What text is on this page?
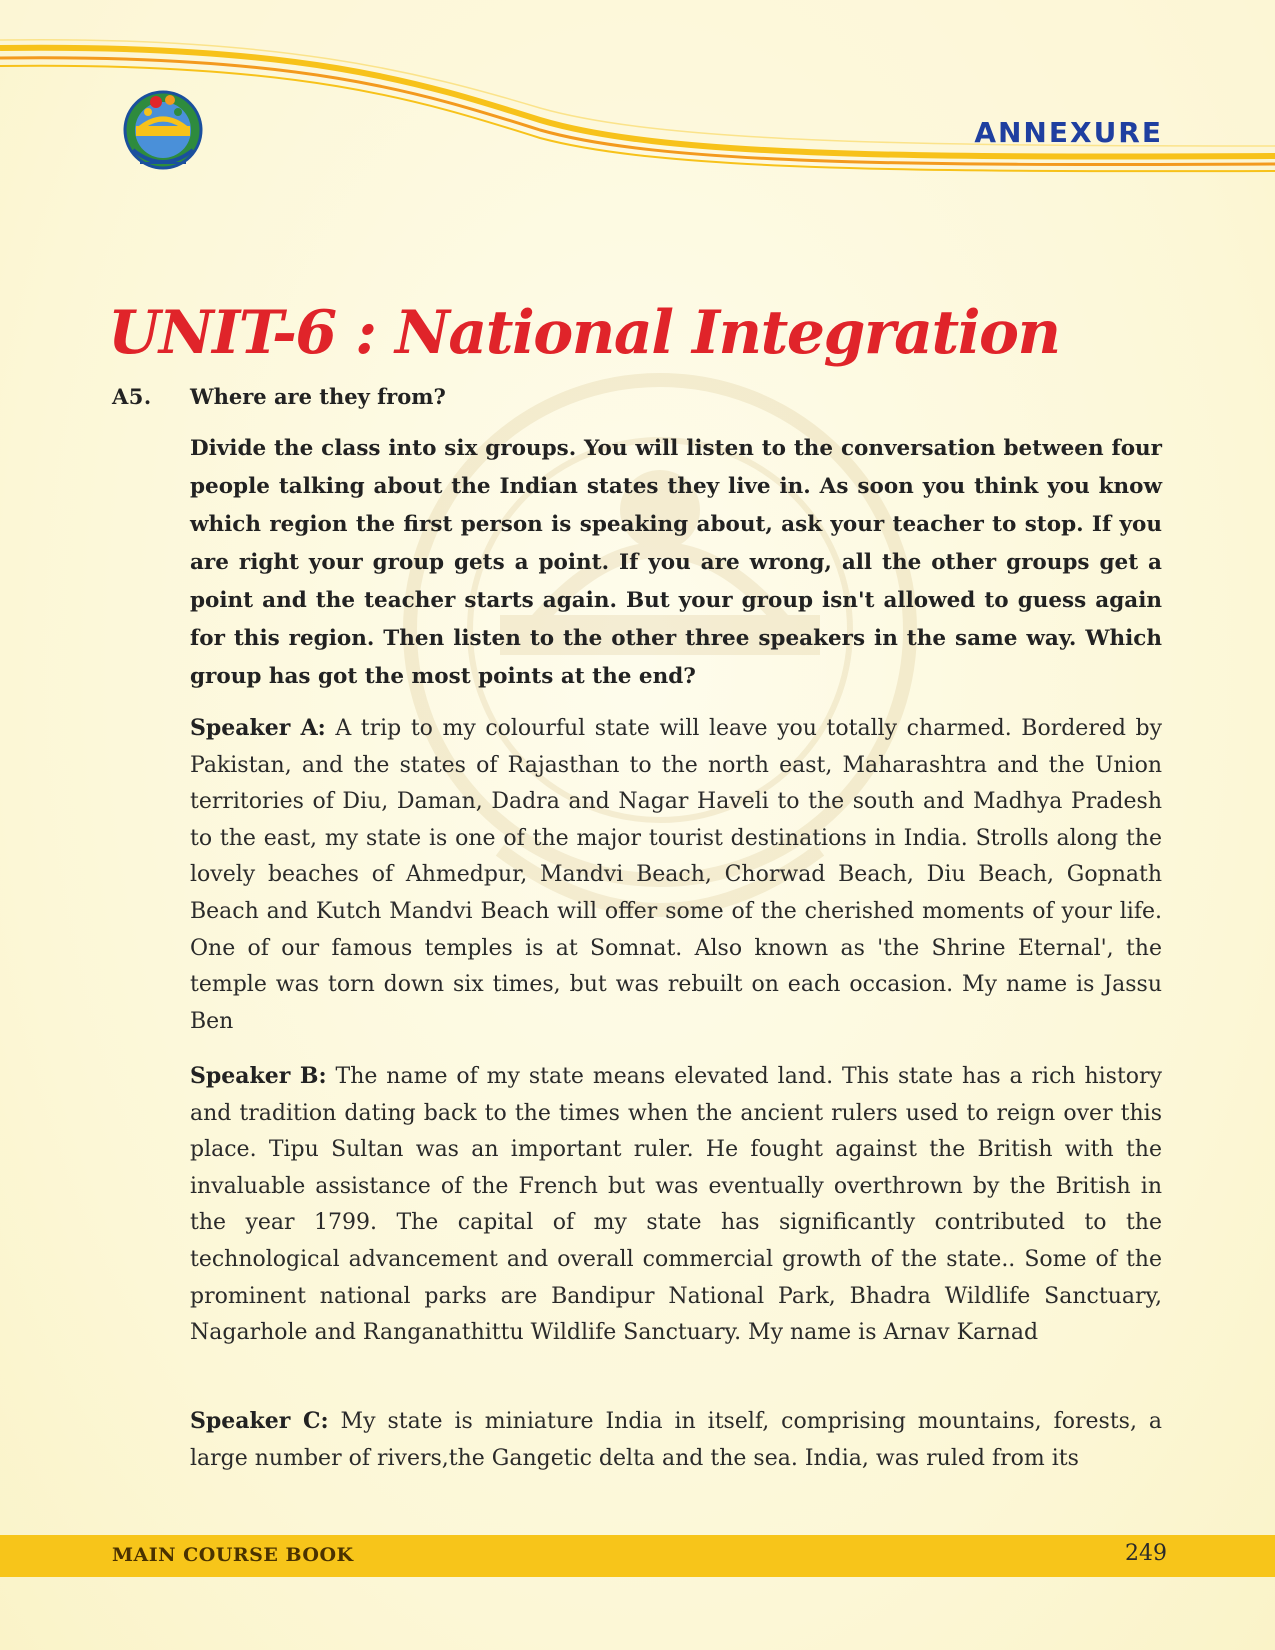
ANNEXURE
UNIT-6 : National Integration
A5. Where are they from?

Divide the class into six groups. You will listen to the conversation between four people talking about the Indian states they live in. As soon you think you know which region the first person is speaking about, ask your teacher to stop. If you are right your group gets a point. If you are wrong, all the other groups get a point and the teacher starts again. But your group isn't allowed to guess again for this region. Then listen to the other three speakers in the same way. Which group has got the most points at the end?

Speaker A: A trip to my colourful state will leave you totally charmed. Bordered by Pakistan, and the states of Rajasthan to the north east, Maharashtra and the Union territories of Diu, Daman, Dadra and Nagar Haveli to the south and Madhya Pradesh to the east, my state is one of the major tourist destinations in India. Strolls along the lovely beaches of Ahmedpur, Mandvi Beach, Chorwad Beach, Diu Beach, Gopnath Beach and Kutch Mandvi Beach will offer some of the cherished moments of your life. One of our famous temples is at Somnat. Also known as 'the Shrine Eternal', the temple was torn down six times, but was rebuilt on each occasion. My name is Jassu Ben

Speaker B: The name of my state means elevated land. This state has a rich history and tradition dating back to the times when the ancient rulers used to reign over this place. Tipu Sultan was an important ruler. He fought against the British with the invaluable assistance of the French but was eventually overthrown by the British in the year 1799. The capital of my state has significantly contributed to the technological advancement and overall commercial growth of the state.. Some of the prominent national parks are Bandipur National Park, Bhadra Wildlife Sanctuary, Nagarhole and Ranganathittu Wildlife Sanctuary. My name is Arnav Karnad

Speaker C: My state is miniature India in itself, comprising mountains, forests, a large number of rivers,the Gangetic delta and the sea. India, was ruled from its

MAIN COURSE BOOK	249
